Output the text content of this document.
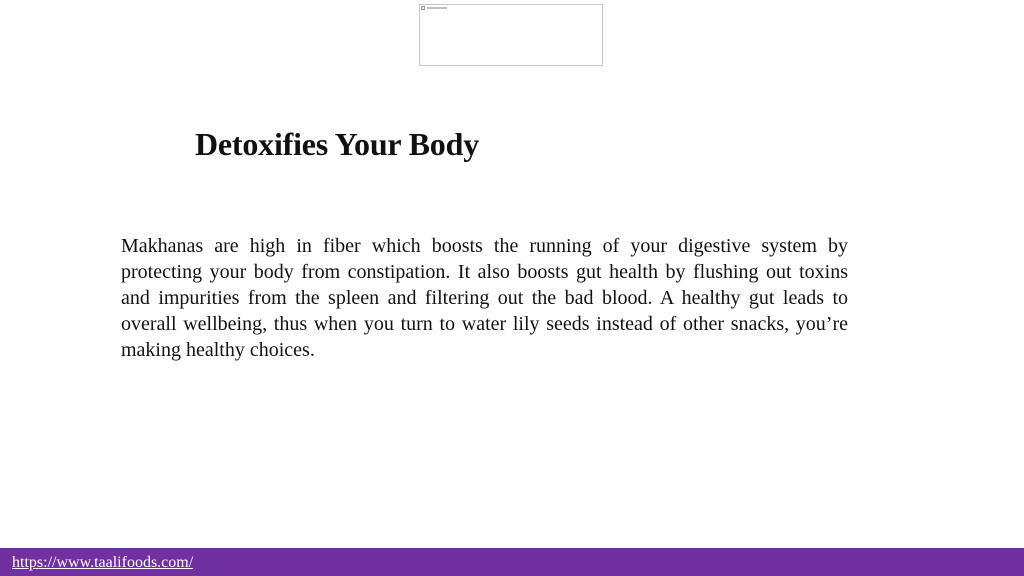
Detoxifies Your Body

Makhanas are high in fiber which boosts the running of your digestive system by protecting your body from constipation. It also boosts gut health by flushing out toxins and impurities from the spleen and filtering out the bad blood. A healthy gut leads to overall wellbeing, thus when you turn to water lily seeds instead of other snacks, you’re making healthy choices.

https://www.taalifoods.com/
